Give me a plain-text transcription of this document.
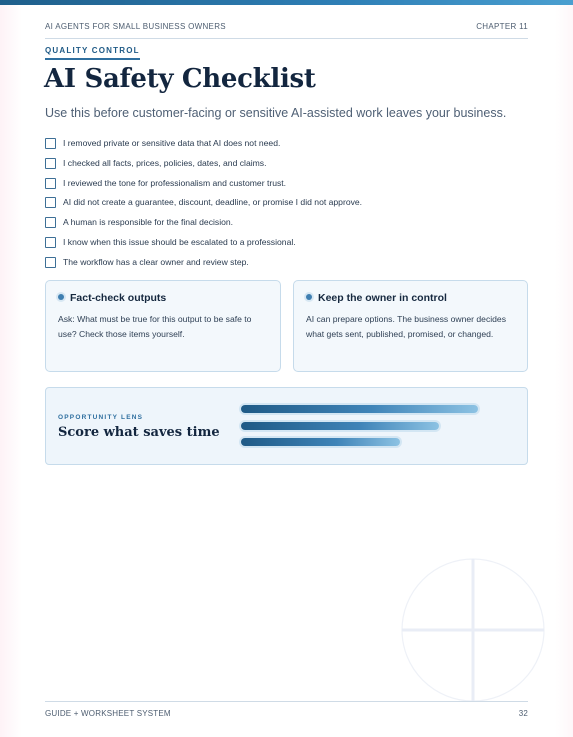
AI AGENTS FOR SMALL BUSINESS OWNERS	CHAPTER 11
QUALITY CONTROL
AI Safety Checklist
Use this before customer-facing or sensitive AI-assisted work leaves your business.
I removed private or sensitive data that AI does not need.
I checked all facts, prices, policies, dates, and claims.
I reviewed the tone for professionalism and customer trust.
AI did not create a guarantee, discount, deadline, or promise I did not approve.
A human is responsible for the final decision.
I know when this issue should be escalated to a professional.
The workflow has a clear owner and review step.
Fact-check outputs
Ask: What must be true for this output to be safe to use? Check those items yourself.
Keep the owner in control
AI can prepare options. The business owner decides what gets sent, published, promised, or changed.
OPPORTUNITY LENS
Score what saves time
GUIDE + WORKSHEET SYSTEM	32
